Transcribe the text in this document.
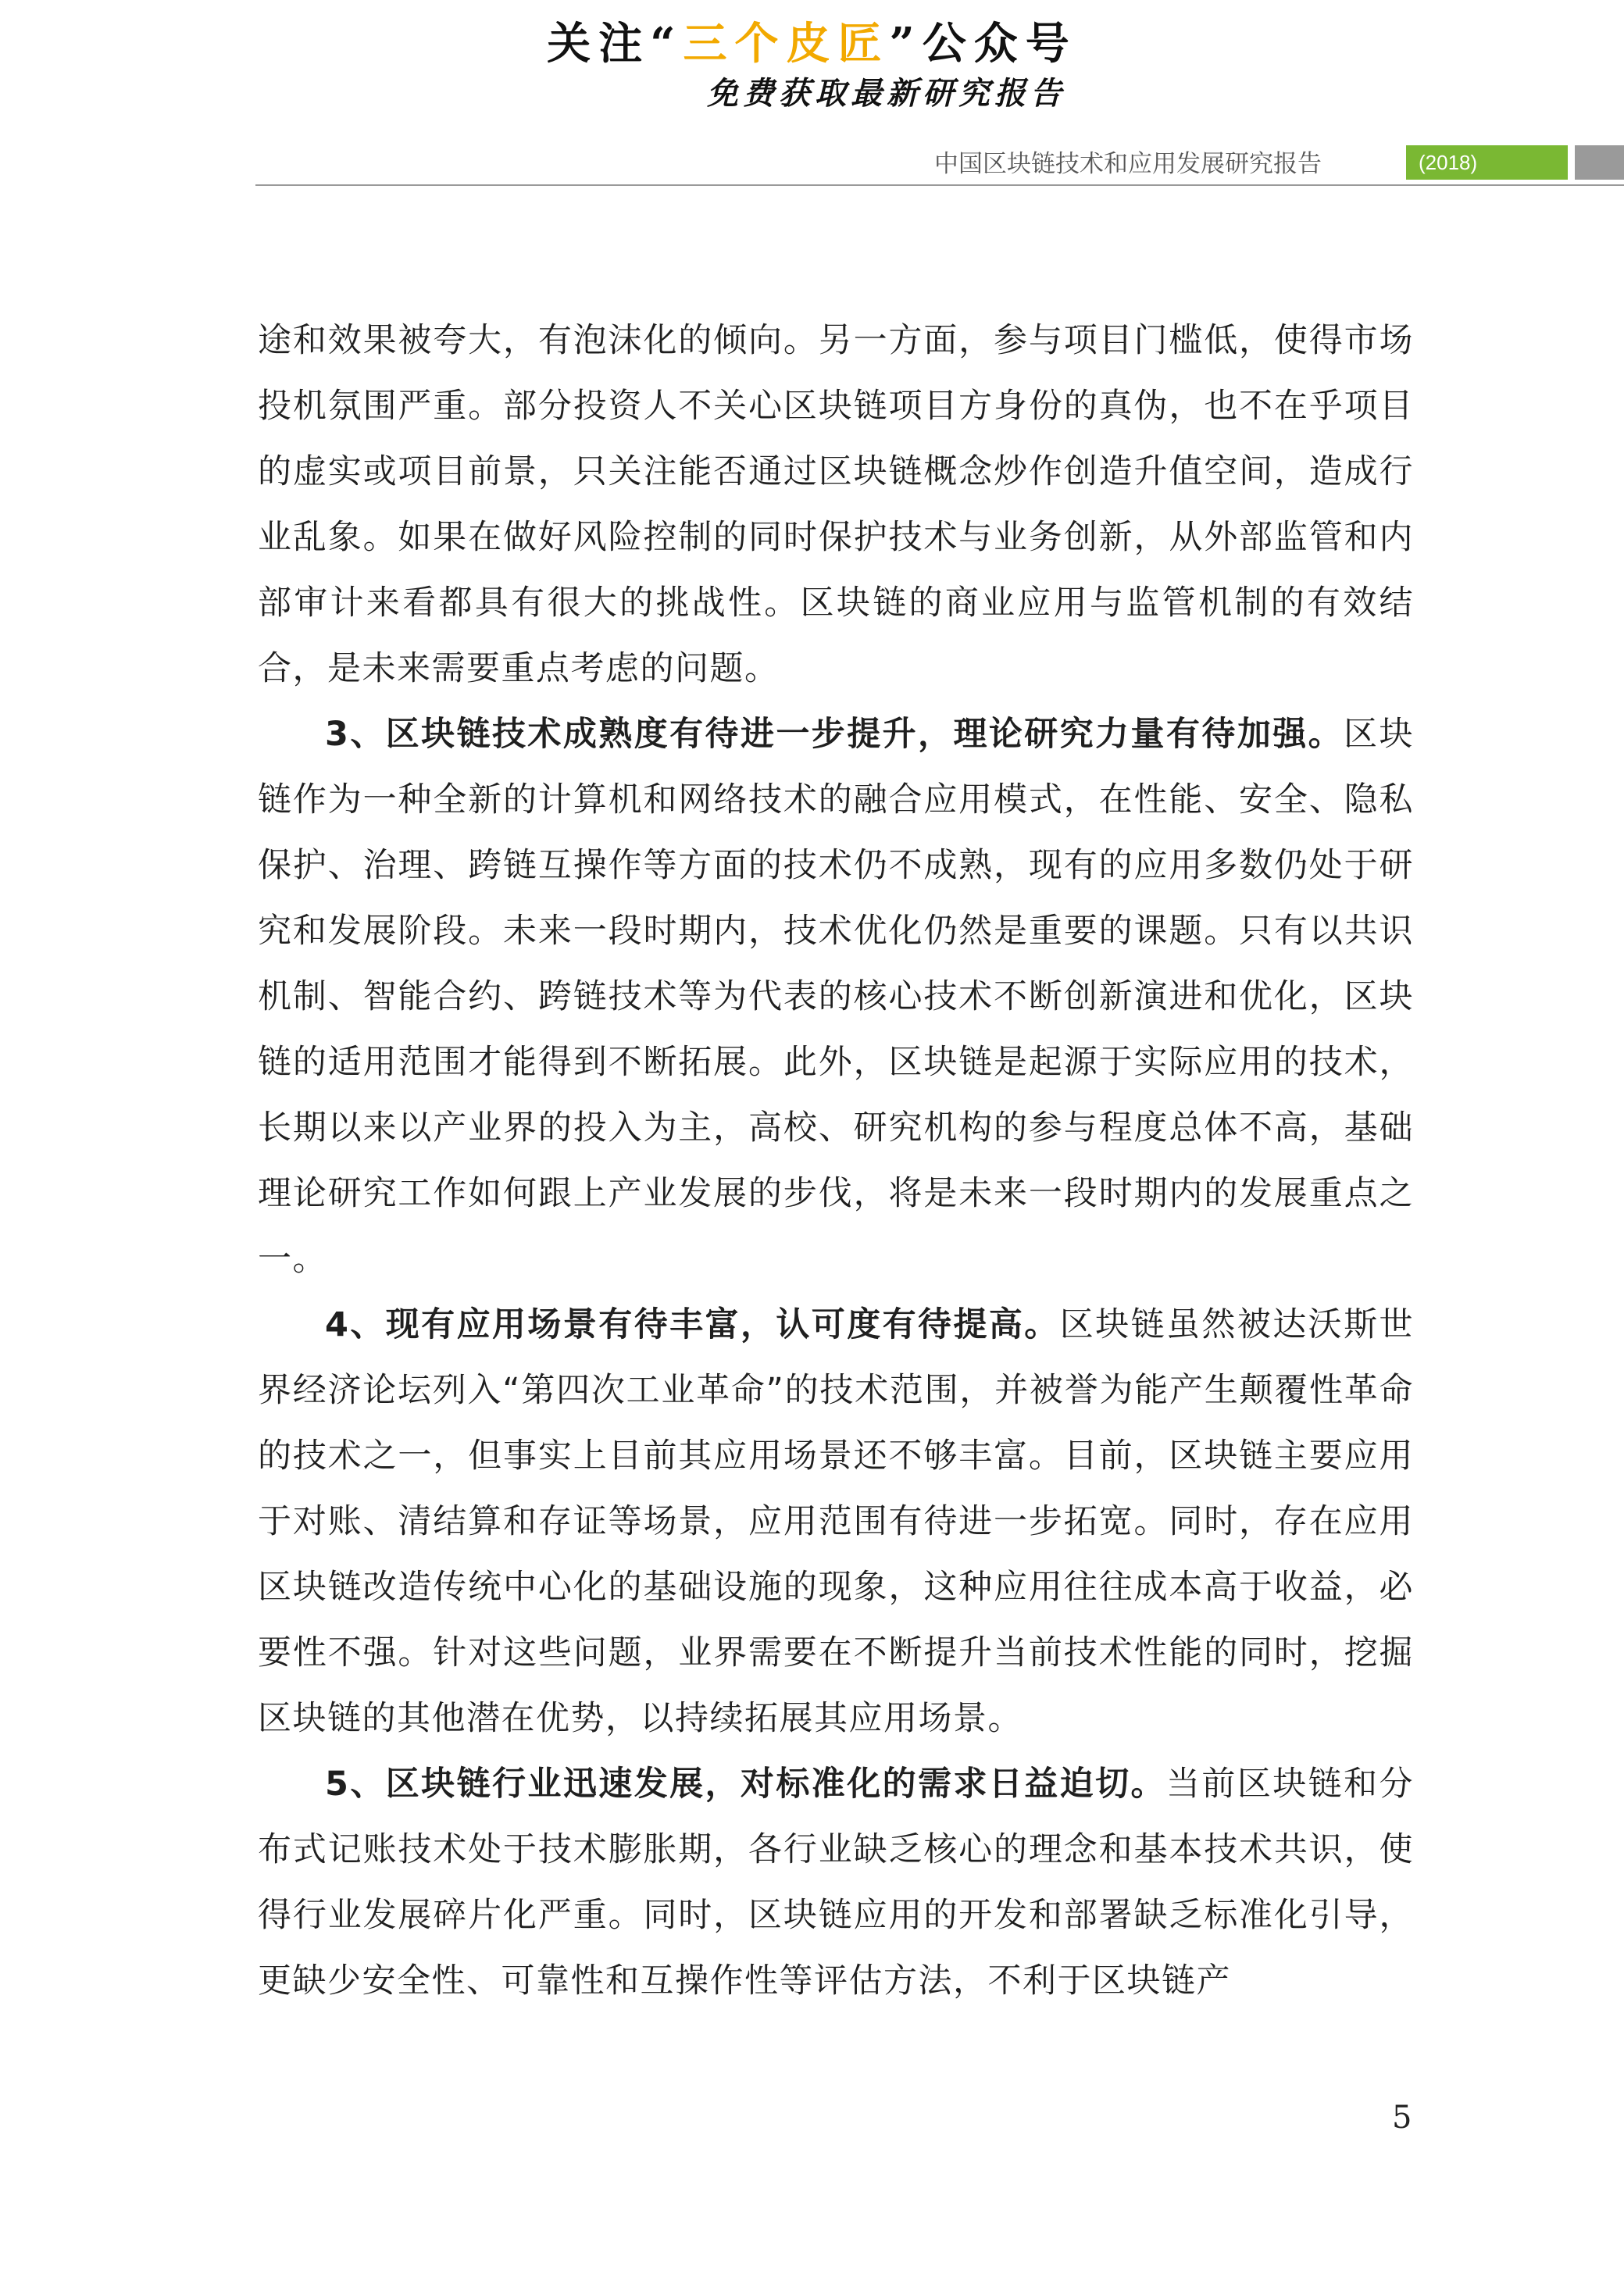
关注“三个皮匠”公众号
免费获取最新研究报告
中国区块链技术和应用发展研究报告	(2018)

途和效果被夸大，有泡沫化的倾向。另一方面，参与项目门槛低，使得市场投机氛围严重。部分投资人不关心区块链项目方身份的真伪，也不在乎项目的虚实或项目前景，只关注能否通过区块链概念炒作创造升值空间，造成行业乱象。如果在做好风险控制的同时保护技术与业务创新，从外部监管和内部审计来看都具有很大的挑战性。区块链的商业应用与监管机制的有效结合，是未来需要重点考虑的问题。

3、区块链技术成熟度有待进一步提升，理论研究力量有待加强。区块链作为一种全新的计算机和网络技术的融合应用模式，在性能、安全、隐私保护、治理、跨链互操作等方面的技术仍不成熟，现有的应用多数仍处于研究和发展阶段。未来一段时期内，技术优化仍然是重要的课题。只有以共识机制、智能合约、跨链技术等为代表的核心技术不断创新演进和优化，区块链的适用范围才能得到不断拓展。此外，区块链是起源于实际应用的技术，长期以来以产业界的投入为主，高校、研究机构的参与程度总体不高，基础理论研究工作如何跟上产业发展的步伐，将是未来一段时期内的发展重点之一。

4、现有应用场景有待丰富，认可度有待提高。区块链虽然被达沃斯世界经济论坛列入“第四次工业革命”的技术范围，并被誉为能产生颠覆性革命的技术之一，但事实上目前其应用场景还不够丰富。目前，区块链主要应用于对账、清结算和存证等场景，应用范围有待进一步拓宽。同时，存在应用区块链改造传统中心化的基础设施的现象，这种应用往往成本高于收益，必要性不强。针对这些问题，业界需要在不断提升当前技术性能的同时，挖掘区块链的其他潜在优势，以持续拓展其应用场景。

5、区块链行业迅速发展，对标准化的需求日益迫切。当前区块链和分布式记账技术处于技术膨胀期，各行业缺乏核心的理念和基本技术共识，使得行业发展碎片化严重。同时，区块链应用的开发和部署缺乏标准化引导，更缺少安全性、可靠性和互操作性等评估方法，不利于区块链产

5
